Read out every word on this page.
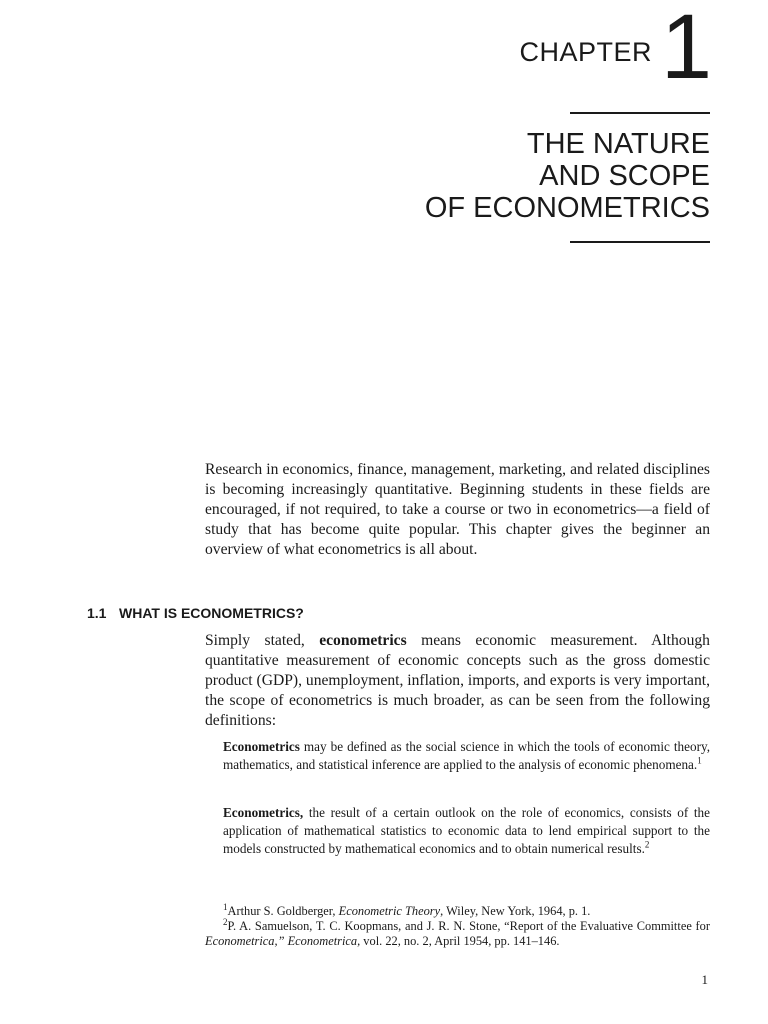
CHAPTER 1
THE NATURE
AND SCOPE
OF ECONOMETRICS

Research in economics, finance, management, marketing, and related disciplines is becoming increasingly quantitative. Beginning students in these fields are encouraged, if not required, to take a course or two in econometrics—a field of study that has become quite popular. This chapter gives the beginner an overview of what econometrics is all about.

1.1 WHAT IS ECONOMETRICS?

Simply stated, econometrics means economic measurement. Although quantitative measurement of economic concepts such as the gross domestic product (GDP), unemployment, inflation, imports, and exports is very important, the scope of econometrics is much broader, as can be seen from the following definitions:

Econometrics may be defined as the social science in which the tools of economic theory, mathematics, and statistical inference are applied to the analysis of economic phenomena.$^1$

Econometrics, the result of a certain outlook on the role of economics, consists of the application of mathematical statistics to economic data to lend empirical support to the models constructed by mathematical economics and to obtain numerical results.$^2$

$^1$Arthur S. Goldberger, Econometric Theory, Wiley, New York, 1964, p. 1.
$^2$P. A. Samuelson, T. C. Koopmans, and J. R. N. Stone, “Report of the Evaluative Committee for Econometrica,” Econometrica, vol. 22, no. 2, April 1954, pp. 141–146.
1
